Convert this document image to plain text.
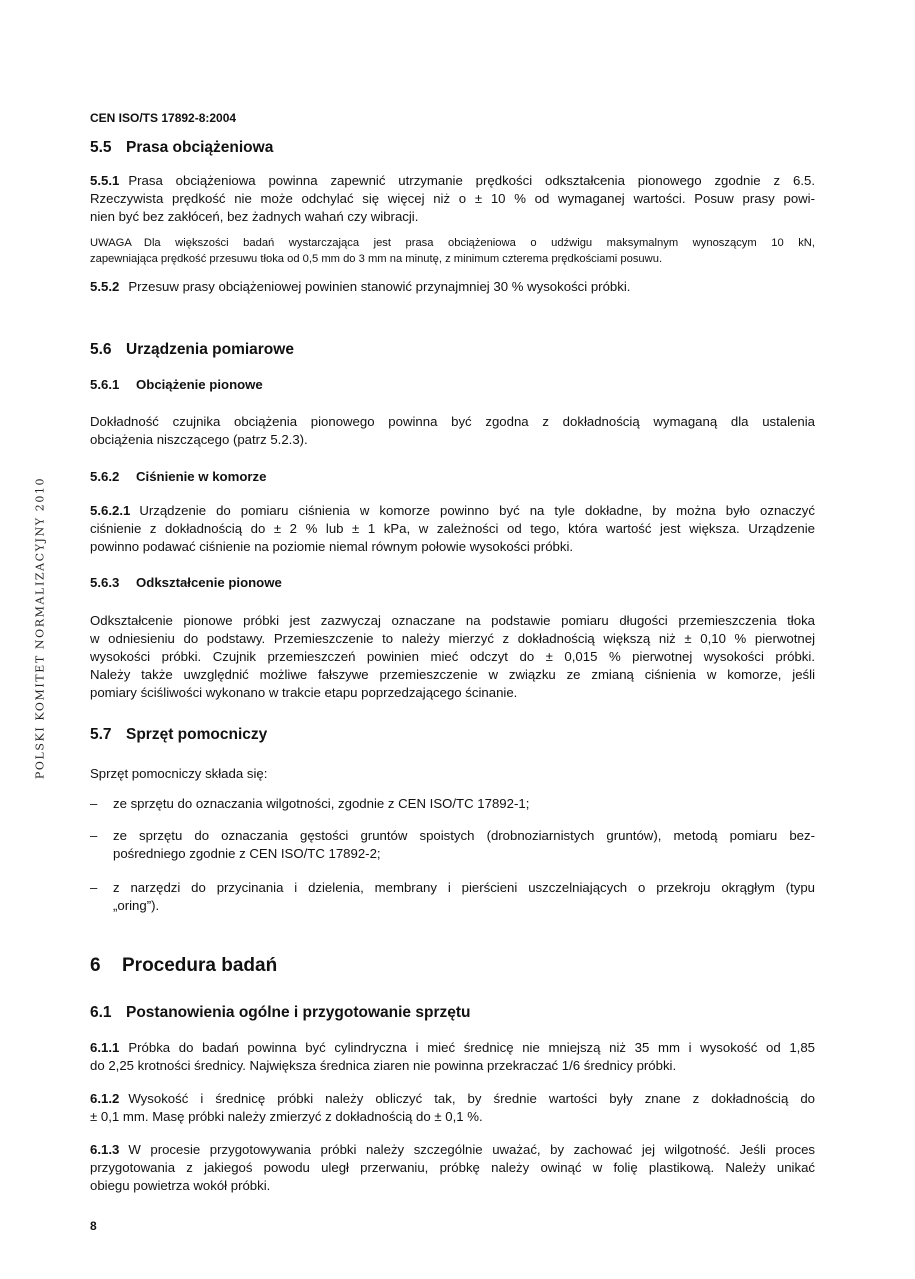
CEN ISO/TS 17892-8:2004
POLSKI KOMITET NORMALIZACYJNY 2010
5.5 Prasa obciążeniowa
5.5.1 Prasa obciążeniowa powinna zapewnić utrzymanie prędkości odkształcenia pionowego zgodnie z 6.5.
Rzeczywista prędkość nie może odchylać się więcej niż o ± 10 % od wymaganej wartości. Posuw prasy powi-
nien być bez zakłóceń, bez żadnych wahań czy wibracji.
UWAGA Dla większości badań wystarczająca jest prasa obciążeniowa o udźwigu maksymalnym wynoszącym 10 kN,
zapewniająca prędkość przesuwu tłoka od 0,5 mm do 3 mm na minutę, z minimum czterema prędkościami posuwu.
5.5.2 Przesuw prasy obciążeniowej powinien stanowić przynajmniej 30 % wysokości próbki.
5.6 Urządzenia pomiarowe
5.6.1 Obciążenie pionowe
Dokładność czujnika obciążenia pionowego powinna być zgodna z dokładnością wymaganą dla ustalenia
obciążenia niszczącego (patrz 5.2.3).
5.6.2 Ciśnienie w komorze
5.6.2.1 Urządzenie do pomiaru ciśnienia w komorze powinno być na tyle dokładne, by można było oznaczyć
ciśnienie z dokładnością do ± 2 % lub ± 1 kPa, w zależności od tego, która wartość jest większa. Urządzenie
powinno podawać ciśnienie na poziomie niemal równym połowie wysokości próbki.
5.6.3 Odkształcenie pionowe
Odkształcenie pionowe próbki jest zazwyczaj oznaczane na podstawie pomiaru długości przemieszczenia tłoka
w odniesieniu do podstawy. Przemieszczenie to należy mierzyć z dokładnością większą niż ± 0,10 % pierwotnej
wysokości próbki. Czujnik przemieszczeń powinien mieć odczyt do ± 0,015 % pierwotnej wysokości próbki.
Należy także uwzględnić możliwe fałszywe przemieszczenie w związku ze zmianą ciśnienia w komorze, jeśli
pomiary ściśliwości wykonano w trakcie etapu poprzedzającego ścinanie.
5.7 Sprzęt pomocniczy
Sprzęt pomocniczy składa się:
– ze sprzętu do oznaczania wilgotności, zgodnie z CEN ISO/TC 17892-1;
– ze sprzętu do oznaczania gęstości gruntów spoistych (drobnoziarnistych gruntów), metodą pomiaru bez-
pośredniego zgodnie z CEN ISO/TC 17892-2;
– z narzędzi do przycinania i dzielenia, membrany i pierścieni uszczelniających o przekroju okrągłym (typu
„oring”).
6 Procedura badań
6.1 Postanowienia ogólne i przygotowanie sprzętu
6.1.1 Próbka do badań powinna być cylindryczna i mieć średnicę nie mniejszą niż 35 mm i wysokość od 1,85
do 2,25 krotności średnicy. Największa średnica ziaren nie powinna przekraczać 1/6 średnicy próbki.
6.1.2 Wysokość i średnicę próbki należy obliczyć tak, by średnie wartości były znane z dokładnością do
± 0,1 mm. Masę próbki należy zmierzyć z dokładnością do ± 0,1 %.
6.1.3 W procesie przygotowywania próbki należy szczególnie uważać, by zachować jej wilgotność. Jeśli proces
przygotowania z jakiegoś powodu uległ przerwaniu, próbkę należy owinąć w folię plastikową. Należy unikać
obiegu powietrza wokół próbki.
8
